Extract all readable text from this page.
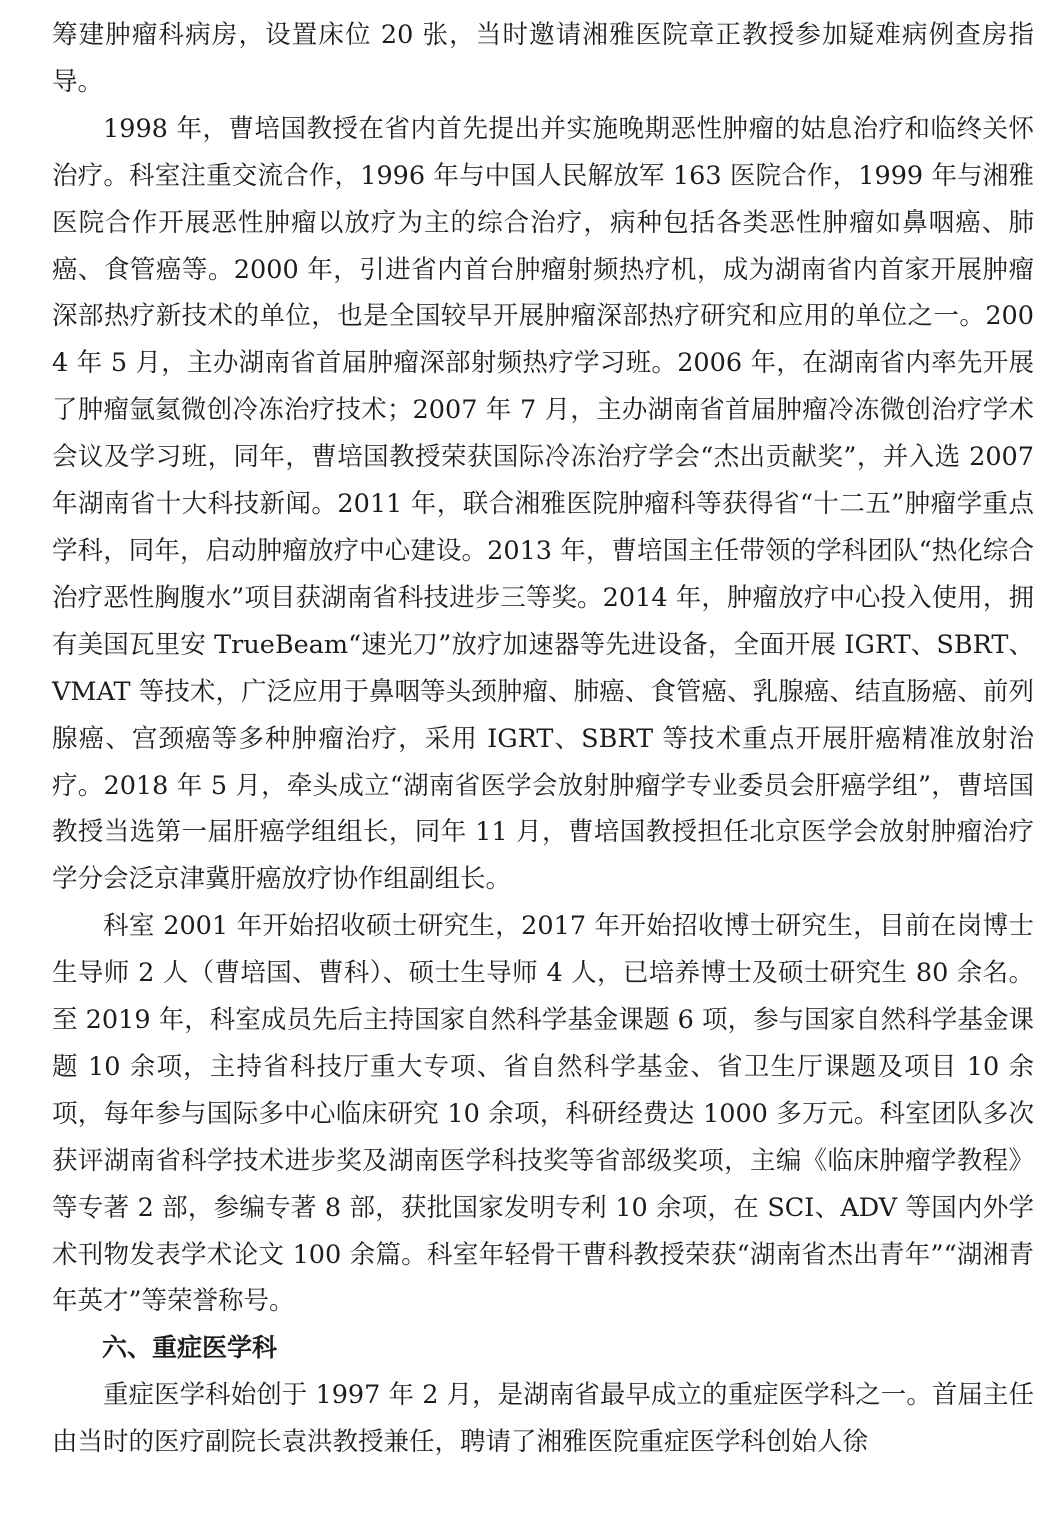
筹建肿瘤科病房，设置床位 20 张，当时邀请湘雅医院章正教授参加疑难病例查房指导。

1998 年，曹培国教授在省内首先提出并实施晚期恶性肿瘤的姑息治疗和临终关怀治疗。科室注重交流合作，1996 年与中国人民解放军 163 医院合作，1999 年与湘雅医院合作开展恶性肿瘤以放疗为主的综合治疗，病种包括各类恶性肿瘤如鼻咽癌、肺癌、食管癌等。2000 年，引进省内首台肿瘤射频热疗机，成为湖南省内首家开展肿瘤深部热疗新技术的单位，也是全国较早开展肿瘤深部热疗研究和应用的单位之一。2004 年 5 月，主办湖南省首届肿瘤深部射频热疗学习班。2006 年，在湖南省内率先开展了肿瘤氩氦微创冷冻治疗技术；2007 年 7 月，主办湖南省首届肿瘤冷冻微创治疗学术会议及学习班，同年，曹培国教授荣获国际冷冻治疗学会“杰出贡献奖”，并入选 2007 年湖南省十大科技新闻。2011 年，联合湘雅医院肿瘤科等获得省“十二五”肿瘤学重点学科，同年，启动肿瘤放疗中心建设。2013 年，曹培国主任带领的学科团队“热化综合治疗恶性胸腹水”项目获湖南省科技进步三等奖。2014 年，肿瘤放疗中心投入使用，拥有美国瓦里安 TrueBeam“速光刀”放疗加速器等先进设备，全面开展 IGRT、SBRT、VMAT 等技术，广泛应用于鼻咽等头颈肿瘤、肺癌、食管癌、乳腺癌、结直肠癌、前列腺癌、宫颈癌等多种肿瘤治疗，采用 IGRT、SBRT 等技术重点开展肝癌精准放射治疗。2018 年 5 月，牵头成立“湖南省医学会放射肿瘤学专业委员会肝癌学组”，曹培国教授当选第一届肝癌学组组长，同年 11 月，曹培国教授担任北京医学会放射肿瘤治疗学分会泛京津冀肝癌放疗协作组副组长。

科室 2001 年开始招收硕士研究生，2017 年开始招收博士研究生，目前在岗博士生导师 2 人（曹培国、曹科）、硕士生导师 4 人，已培养博士及硕士研究生 80 余名。至 2019 年，科室成员先后主持国家自然科学基金课题 6 项，参与国家自然科学基金课题 10 余项，主持省科技厅重大专项、省自然科学基金、省卫生厅课题及项目 10 余项，每年参与国际多中心临床研究 10 余项，科研经费达 1000 多万元。科室团队多次获评湖南省科学技术进步奖及湖南医学科技奖等省部级奖项，主编《临床肿瘤学教程》等专著 2 部，参编专著 8 部，获批国家发明专利 10 余项，在 SCI、ADV 等国内外学术刊物发表学术论文 100 余篇。科室年轻骨干曹科教授荣获“湖南省杰出青年”“湖湘青年英才”等荣誉称号。

六、重症医学科

重症医学科始创于 1997 年 2 月，是湖南省最早成立的重症医学科之一。首届主任由当时的医疗副院长袁洪教授兼任，聘请了湘雅医院重症医学科创始人徐
